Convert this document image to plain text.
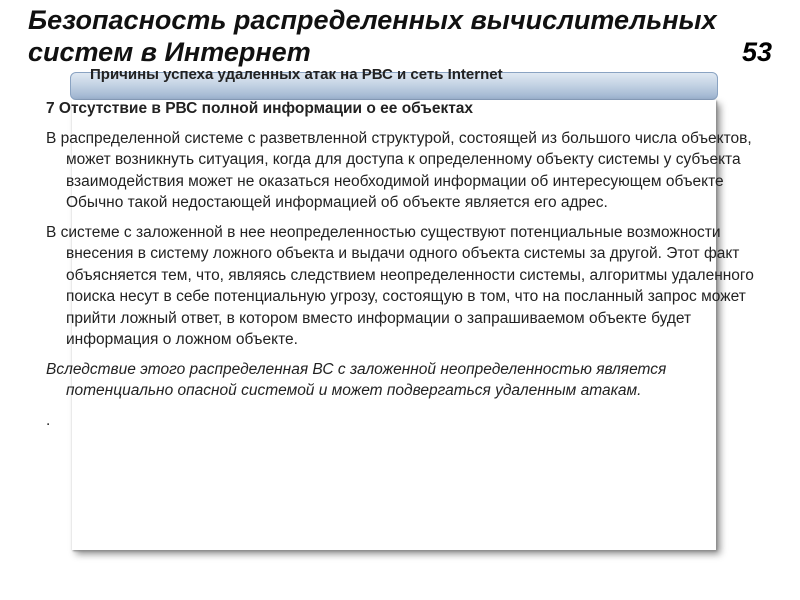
Безопасность распределенных вычислительных систем в Интернет	53
Причины успеха удаленных атак на РВС и сеть Internet

7 Отсутствие в РВС полной информации о ее объектах

В распределенной системе с разветвленной структурой, состоящей из большого числа объектов, может возникнуть ситуация, когда для доступа к определенному объекту системы у субъекта взаимодействия может не оказаться необходимой информации об интересующем объекте Обычно такой недостающей информацией об объекте является его адрес.

В системе с заложенной в нее неопределенностью существуют потенциальные возможности внесения в систему ложного объекта и выдачи одного объекта системы за другой. Этот факт объясняется тем, что, являясь следствием неопределенности системы, алгоритмы удаленного поиска несут в себе потенциальную угрозу, состоящую в том, что на посланный запрос может прийти ложный ответ, в котором вместо информации о запрашиваемом объекте будет информация о ложном объекте.

Вследствие этого распределенная ВС с заложенной неопределенностью является потенциально опасной системой и может подвергаться удаленным атакам.

.
